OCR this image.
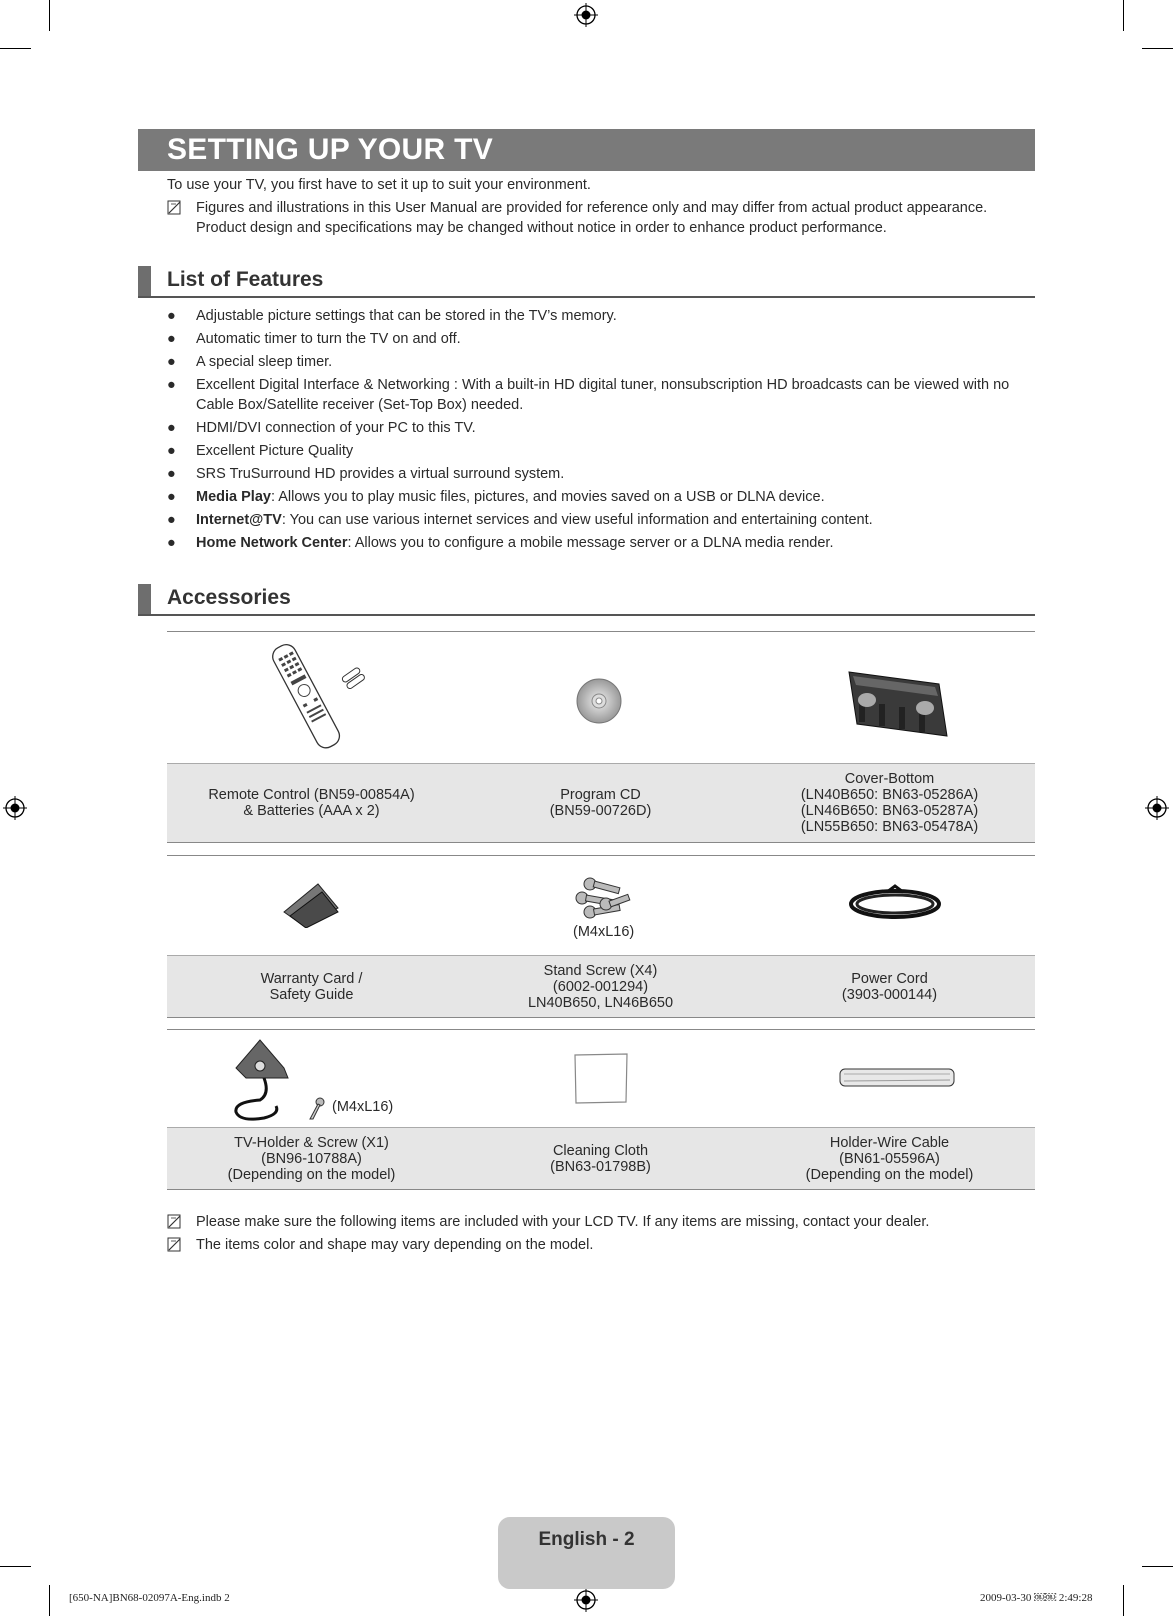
SETTING UP YOUR TV
To use your TV, you first have to set it up to suit your environment.
Figures and illustrations in this User Manual are provided for reference only and may differ from actual product appearance.
Product design and specifications may be changed without notice in order to enhance product performance.
List of Features
● Adjustable picture settings that can be stored in the TV’s memory.
● Automatic timer to turn the TV on and off.
● A special sleep timer.
● Excellent Digital Interface & Networking : With a built-in HD digital tuner, nonsubscription HD broadcasts can be viewed with no Cable Box/Satellite receiver (Set-Top Box) needed.
● HDMI/DVI connection of your PC to this TV.
● Excellent Picture Quality
● SRS TruSurround HD provides a virtual surround system.
● Media Play: Allows you to play music files, pictures, and movies saved on a USB or DLNA device.
● Internet@TV: You can use various internet services and view useful information and entertaining content.
● Home Network Center: Allows you to configure a mobile message server or a DLNA media render.
Accessories
Remote Control (BN59-00854A)
& Batteries (AAA x 2)
Program CD
(BN59-00726D)
Cover-Bottom
(LN40B650: BN63-05286A)
(LN46B650: BN63-05287A)
(LN55B650: BN63-05478A)
(M4xL16)
Warranty Card /
Safety Guide
Stand Screw (X4)
(6002-001294)
LN40B650, LN46B650
Power Cord
(3903-000144)
(M4xL16)
TV-Holder & Screw (X1)
(BN96-10788A)
(Depending on the model)
Cleaning Cloth
(BN63-01798B)
Holder-Wire Cable
(BN61-05596A)
(Depending on the model)
Please make sure the following items are included with your LCD TV. If any items are missing, contact your dealer.
The items color and shape may vary depending on the model.
English - 2
[650-NA]BN68-02097A-Eng.indb 2	2009-03-30 ￼￼ 2:49:28
